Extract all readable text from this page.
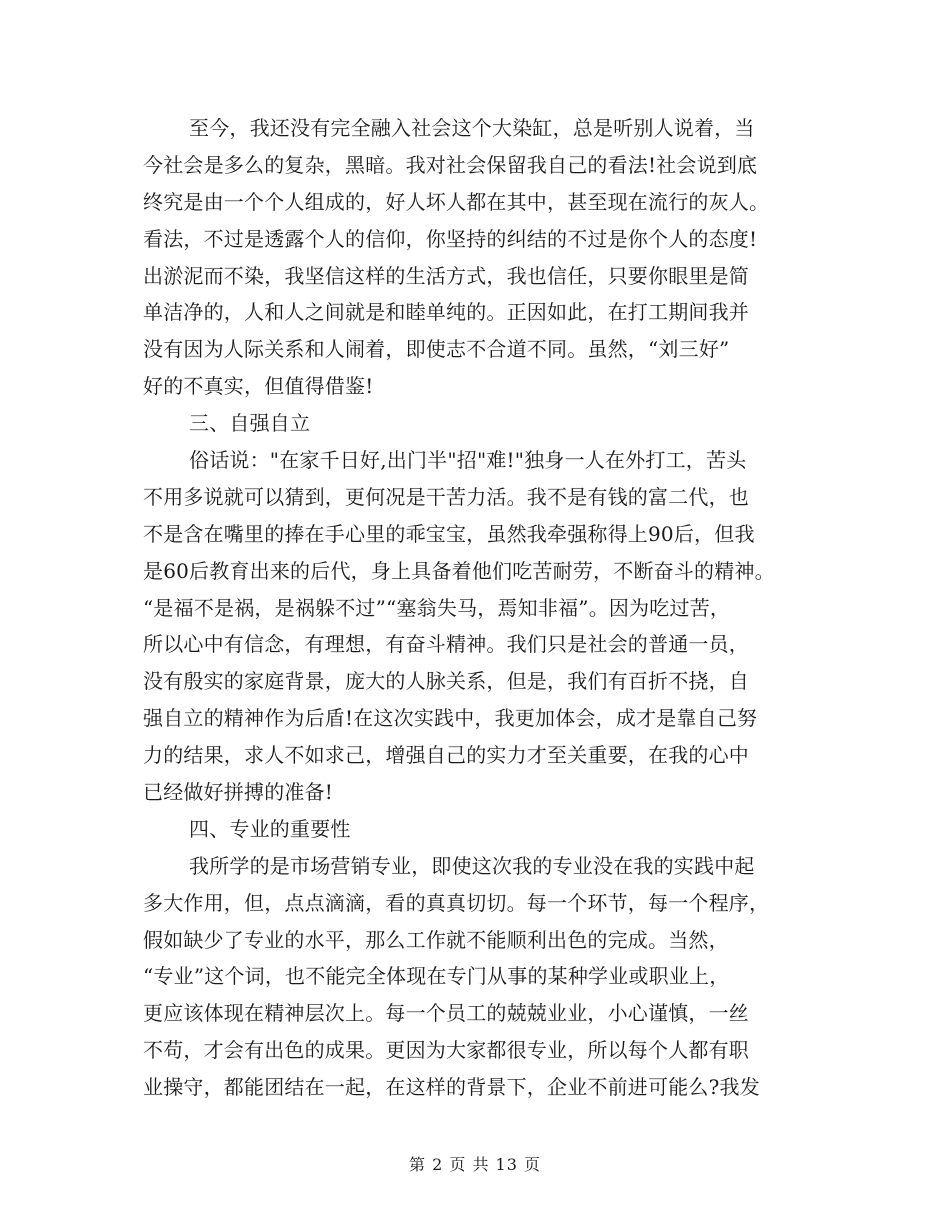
至今，我还没有完全融入社会这个大染缸，总是听别人说着，当
今社会是多么的复杂，黑暗。我对社会保留我自己的看法!社会说到底
终究是由一个个人组成的，好人坏人都在其中，甚至现在流行的灰人。
看法，不过是透露个人的信仰，你坚持的纠结的不过是你个人的态度!
出淤泥而不染，我坚信这样的生活方式，我也信任，只要你眼里是简
单洁净的，人和人之间就是和睦单纯的。正因如此，在打工期间我并
没有因为人际关系和人闹着，即使志不合道不同。虽然，“刘三好”
好的不真实，但值得借鉴!
三、自强自立
俗话说："在家千日好,出门半"招"难!"独身一人在外打工，苦头
不用多说就可以猜到，更何况是干苦力活。我不是有钱的富二代，也
不是含在嘴里的捧在手心里的乖宝宝，虽然我牵强称得上90后，但我
是60后教育出来的后代，身上具备着他们吃苦耐劳，不断奋斗的精神。
“是福不是祸，是祸躲不过”“塞翁失马，焉知非福”。因为吃过苦，
所以心中有信念，有理想，有奋斗精神。我们只是社会的普通一员，
没有殷实的家庭背景，庞大的人脉关系，但是，我们有百折不挠，自
强自立的精神作为后盾!在这次实践中，我更加体会，成才是靠自己努
力的结果，求人不如求己，增强自己的实力才至关重要，在我的心中
已经做好拼搏的准备!
四、专业的重要性
我所学的是市场营销专业，即使这次我的专业没在我的实践中起
多大作用，但，点点滴滴，看的真真切切。每一个环节，每一个程序，
假如缺少了专业的水平，那么工作就不能顺利出色的完成。当然，
“专业”这个词，也不能完全体现在专门从事的某种学业或职业上，
更应该体现在精神层次上。每一个员工的兢兢业业，小心谨慎，一丝
不苟，才会有出色的成果。更因为大家都很专业，所以每个人都有职
业操守，都能团结在一起，在这样的背景下，企业不前进可能么?我发
第 2 页 共 13 页
